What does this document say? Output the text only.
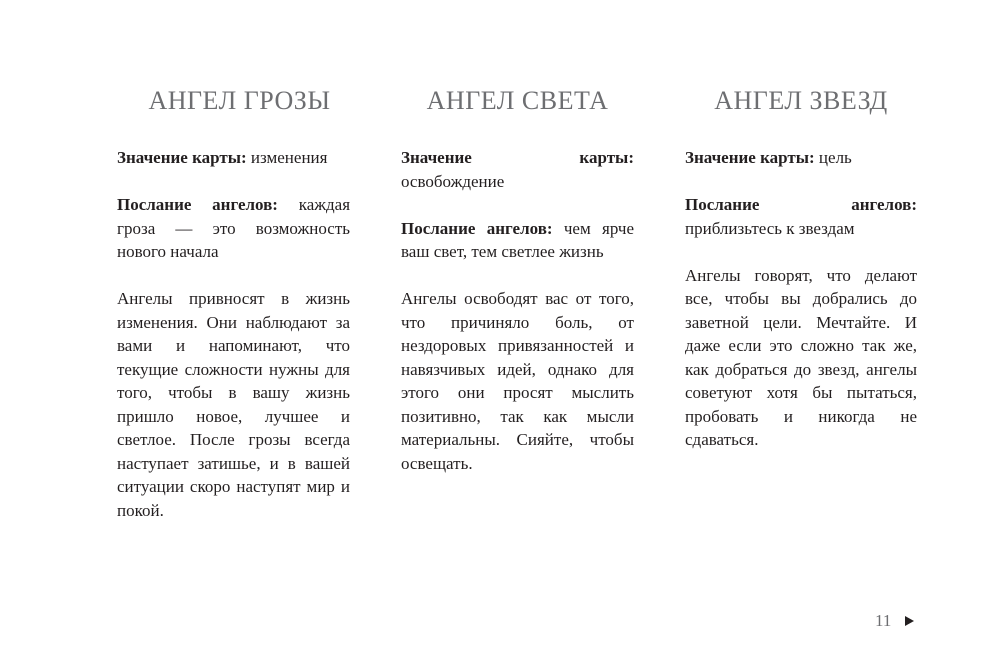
АНГЕЛ ГРОЗЫ

Значение карты: изменения

Послание ангелов: каждая гроза — это возможность нового начала

Ангелы привносят в жизнь изменения. Они наблюдают за вами и напоминают, что текущие сложности нужны для того, чтобы в вашу жизнь пришло новое, лучшее и светлое. После грозы всегда наступает затишье, и в вашей ситуации скоро наступят мир и покой.

АНГЕЛ СВЕТА

Значение карты: освобождение

Послание ангелов: чем ярче ваш свет, тем светлее жизнь

Ангелы освободят вас от того, что причиняло боль, от нездоровых привязанностей и навязчивых идей, однако для этого они просят мыслить позитивно, так как мысли материальны. Сияйте, чтобы освещать.

АНГЕЛ ЗВЕЗД

Значение карты: цель

Послание ангелов: приблизьтесь к звездам

Ангелы говорят, что делают все, чтобы вы добрались до заветной цели. Мечтайте. И даже если это сложно так же, как добраться до звезд, ангелы советуют хотя бы пытаться, пробовать и никогда не сдаваться.

11
